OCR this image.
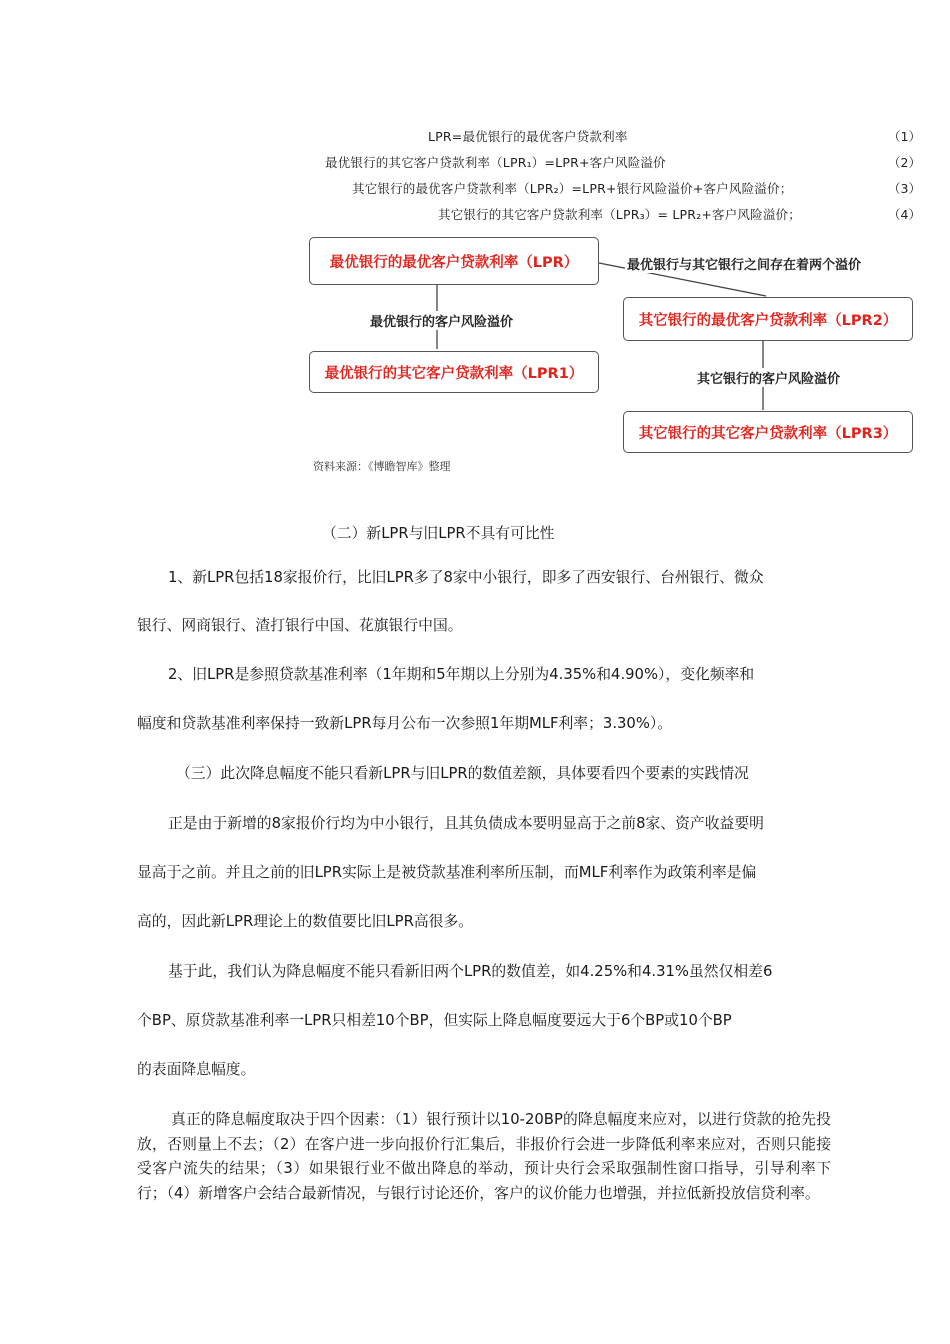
LPR=最优银行的最优客户贷款利率	（1）
最优银行的其它客户贷款利率（LPR₁）=LPR+客户风险溢价	（2）
其它银行的最优客户贷款利率（LPR₂）=LPR+银行风险溢价+客户风险溢价；	（3）
其它银行的其它客户贷款利率（LPR₃）= LPR₂+客户风险溢价；	（4）
最优银行的最优客户贷款利率（LPR）
最优银行的其它客户贷款利率（LPR1）
其它银行的最优客户贷款利率（LPR2）
其它银行的其它客户贷款利率（LPR3）
最优银行的客户风险溢价
最优银行与其它银行之间存在着两个溢价
其它银行的客户风险溢价
资料来源：《博瞻智库》整理
（二）新LPR与旧LPR不具有可比性
1、新LPR包括18家报价行，比旧LPR多了8家中小银行，即多了西安银行、台州银行、微众
银行、网商银行、渣打银行中国、花旗银行中国。
2、旧LPR是参照贷款基准利率（1年期和5年期以上分别为4.35%和4.90%），变化频率和
幅度和贷款基准利率保持一致新LPR每月公布一次参照1年期MLF利率；3.30%）。
（三）此次降息幅度不能只看新LPR与旧LPR的数值差额，具体要看四个要素的实践情况
正是由于新增的8家报价行均为中小银行，且其负债成本要明显高于之前8家、资产收益要明
显高于之前。并且之前的旧LPR实际上是被贷款基准利率所压制，而MLF利率作为政策利率是偏
高的，因此新LPR理论上的数值要比旧LPR高很多。
基于此，我们认为降息幅度不能只看新旧两个LPR的数值差，如4.25%和4.31%虽然仅相差6
个BP、原贷款基准利率一LPR只相差10个BP，但实际上降息幅度要远大于6个BP或10个BP
的表面降息幅度。
真正的降息幅度取决于四个因素：（1）银行预计以10-20BP的降息幅度来应对，以进行贷款的抢先投放，否则量上不去；（2）在客户进一步向报价行汇集后，非报价行会进一步降低利率来应对，否则只能接受客户流失的结果；（3）如果银行业不做出降息的举动，预计央行会采取强制性窗口指导，引导利率下行；（4）新增客户会结合最新情况，与银行讨论还价，客户的议价能力也增强，并拉低新投放信贷利率。
